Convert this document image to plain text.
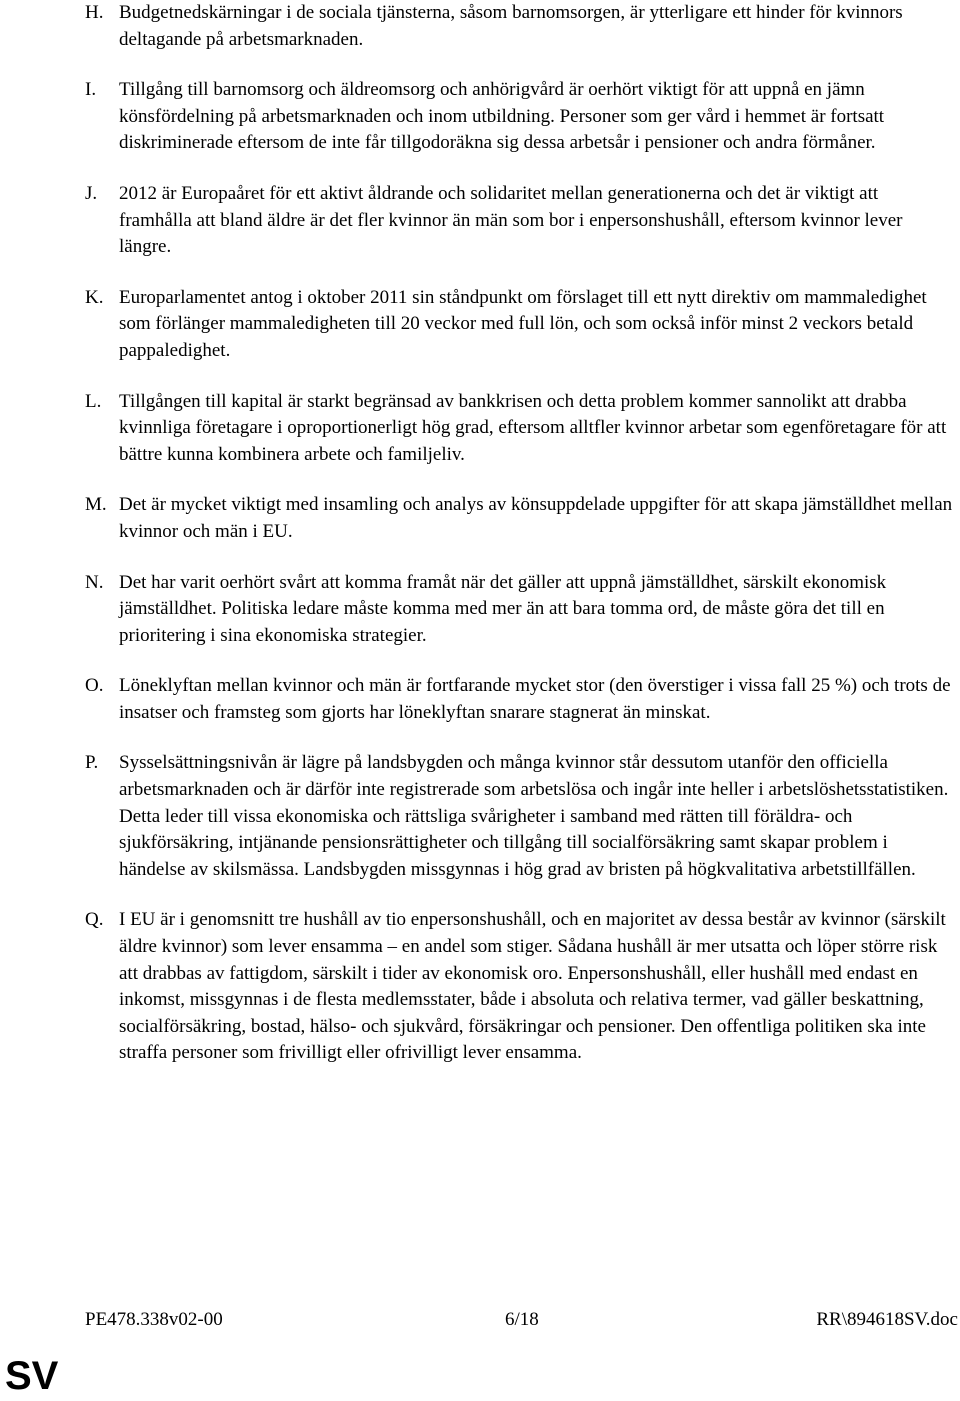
H. Budgetnedskärningar i de sociala tjänsterna, såsom barnomsorgen, är ytterligare ett hinder för kvinnors deltagande på arbetsmarknaden.
I. Tillgång till barnomsorg och äldreomsorg och anhörigvård är oerhört viktigt för att uppnå en jämn könsfördelning på arbetsmarknaden och inom utbildning. Personer som ger vård i hemmet är fortsatt diskriminerade eftersom de inte får tillgodoräkna sig dessa arbetsår i pensioner och andra förmåner.
J. 2012 är Europaåret för ett aktivt åldrande och solidaritet mellan generationerna och det är viktigt att framhålla att bland äldre är det fler kvinnor än män som bor i enpersonshushåll, eftersom kvinnor lever längre.
K. Europarlamentet antog i oktober 2011 sin ståndpunkt om förslaget till ett nytt direktiv om mammaledighet som förlänger mammaledigheten till 20 veckor med full lön, och som också inför minst 2 veckors betald pappaledighet.
L. Tillgången till kapital är starkt begränsad av bankkrisen och detta problem kommer sannolikt att drabba kvinnliga företagare i oproportionerligt hög grad, eftersom alltfler kvinnor arbetar som egenföretagare för att bättre kunna kombinera arbete och familjeliv.
M. Det är mycket viktigt med insamling och analys av könsuppdelade uppgifter för att skapa jämställdhet mellan kvinnor och män i EU.
N. Det har varit oerhört svårt att komma framåt när det gäller att uppnå jämställdhet, särskilt ekonomisk jämställdhet. Politiska ledare måste komma med mer än att bara tomma ord, de måste göra det till en prioritering i sina ekonomiska strategier.
O. Löneklyftan mellan kvinnor och män är fortfarande mycket stor (den överstiger i vissa fall 25 %) och trots de insatser och framsteg som gjorts har löneklyftan snarare stagnerat än minskat.
P. Sysselsättningsnivån är lägre på landsbygden och många kvinnor står dessutom utanför den officiella arbetsmarknaden och är därför inte registrerade som arbetslösa och ingår inte heller i arbetslöshetsstatistiken. Detta leder till vissa ekonomiska och rättsliga svårigheter i samband med rätten till föräldra- och sjukförsäkring, intjänande pensionsrättigheter och tillgång till socialförsäkring samt skapar problem i händelse av skilsmässa. Landsbygden missgynnas i hög grad av bristen på högkvalitativa arbetstillfällen.
Q. I EU är i genomsnitt tre hushåll av tio enpersonshushåll, och en majoritet av dessa består av kvinnor (särskilt äldre kvinnor) som lever ensamma – en andel som stiger. Sådana hushåll är mer utsatta och löper större risk att drabbas av fattigdom, särskilt i tider av ekonomisk oro. Enpersonshushåll, eller hushåll med endast en inkomst, missgynnas i de flesta medlemsstater, både i absoluta och relativa termer, vad gäller beskattning, socialförsäkring, bostad, hälso- och sjukvård, försäkringar och pensioner. Den offentliga politiken ska inte straffa personer som frivilligt eller ofrivilligt lever ensamma.
PE478.338v02-00	6/18	RR\894618SV.doc
SV
